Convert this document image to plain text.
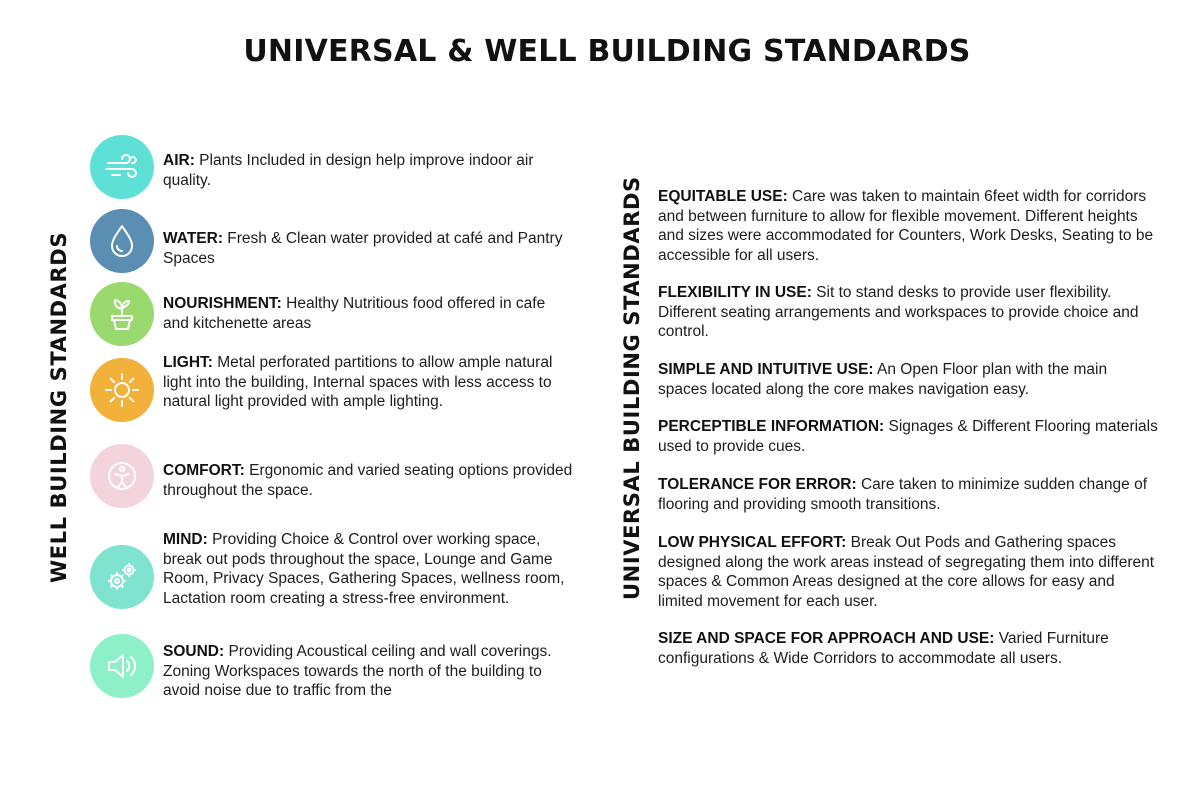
UNIVERSAL & WELL BUILDING STANDARDS
WELL BUILDING STANDARDS	UNIVERSAL BUILDING STANDARDS
AIR: Plants Included in design help improve indoor air quality.
WATER: Fresh & Clean water provided at café and Pantry Spaces
NOURISHMENT: Healthy Nutritious food offered in cafe and kitchenette areas
LIGHT: Metal perforated partitions to allow ample natural light into the building, Internal spaces with less access to natural light provided with ample lighting.
COMFORT: Ergonomic and varied seating options provided throughout the space.
MIND: Providing Choice & Control over working space, break out pods throughout the space, Lounge and Game Room, Privacy Spaces, Gathering Spaces, wellness room, Lactation room creating a stress-free environment.
SOUND: Providing Acoustical ceiling and wall coverings. Zoning Workspaces towards the north of the building to avoid noise due to traffic from the
EQUITABLE USE: Care was taken to maintain 6feet width for corridors and between furniture to allow for flexible movement. Different heights and sizes were accommodated for Counters, Work Desks, Seating to be accessible for all users.
FLEXIBILITY IN USE: Sit to stand desks to provide user flexibility. Different seating arrangements and workspaces to provide choice and control.
SIMPLE AND INTUITIVE USE: An Open Floor plan with the main spaces located along the core makes navigation easy.
PERCEPTIBLE INFORMATION: Signages & Different Flooring materials used to provide cues.
TOLERANCE FOR ERROR: Care taken to minimize sudden change of flooring and providing smooth transitions.
LOW PHYSICAL EFFORT: Break Out Pods and Gathering spaces designed along the work areas instead of segregating them into different spaces & Common Areas designed at the core allows for easy and limited movement for each user.
SIZE AND SPACE FOR APPROACH AND USE: Varied Furniture configurations & Wide Corridors to accommodate all users.
